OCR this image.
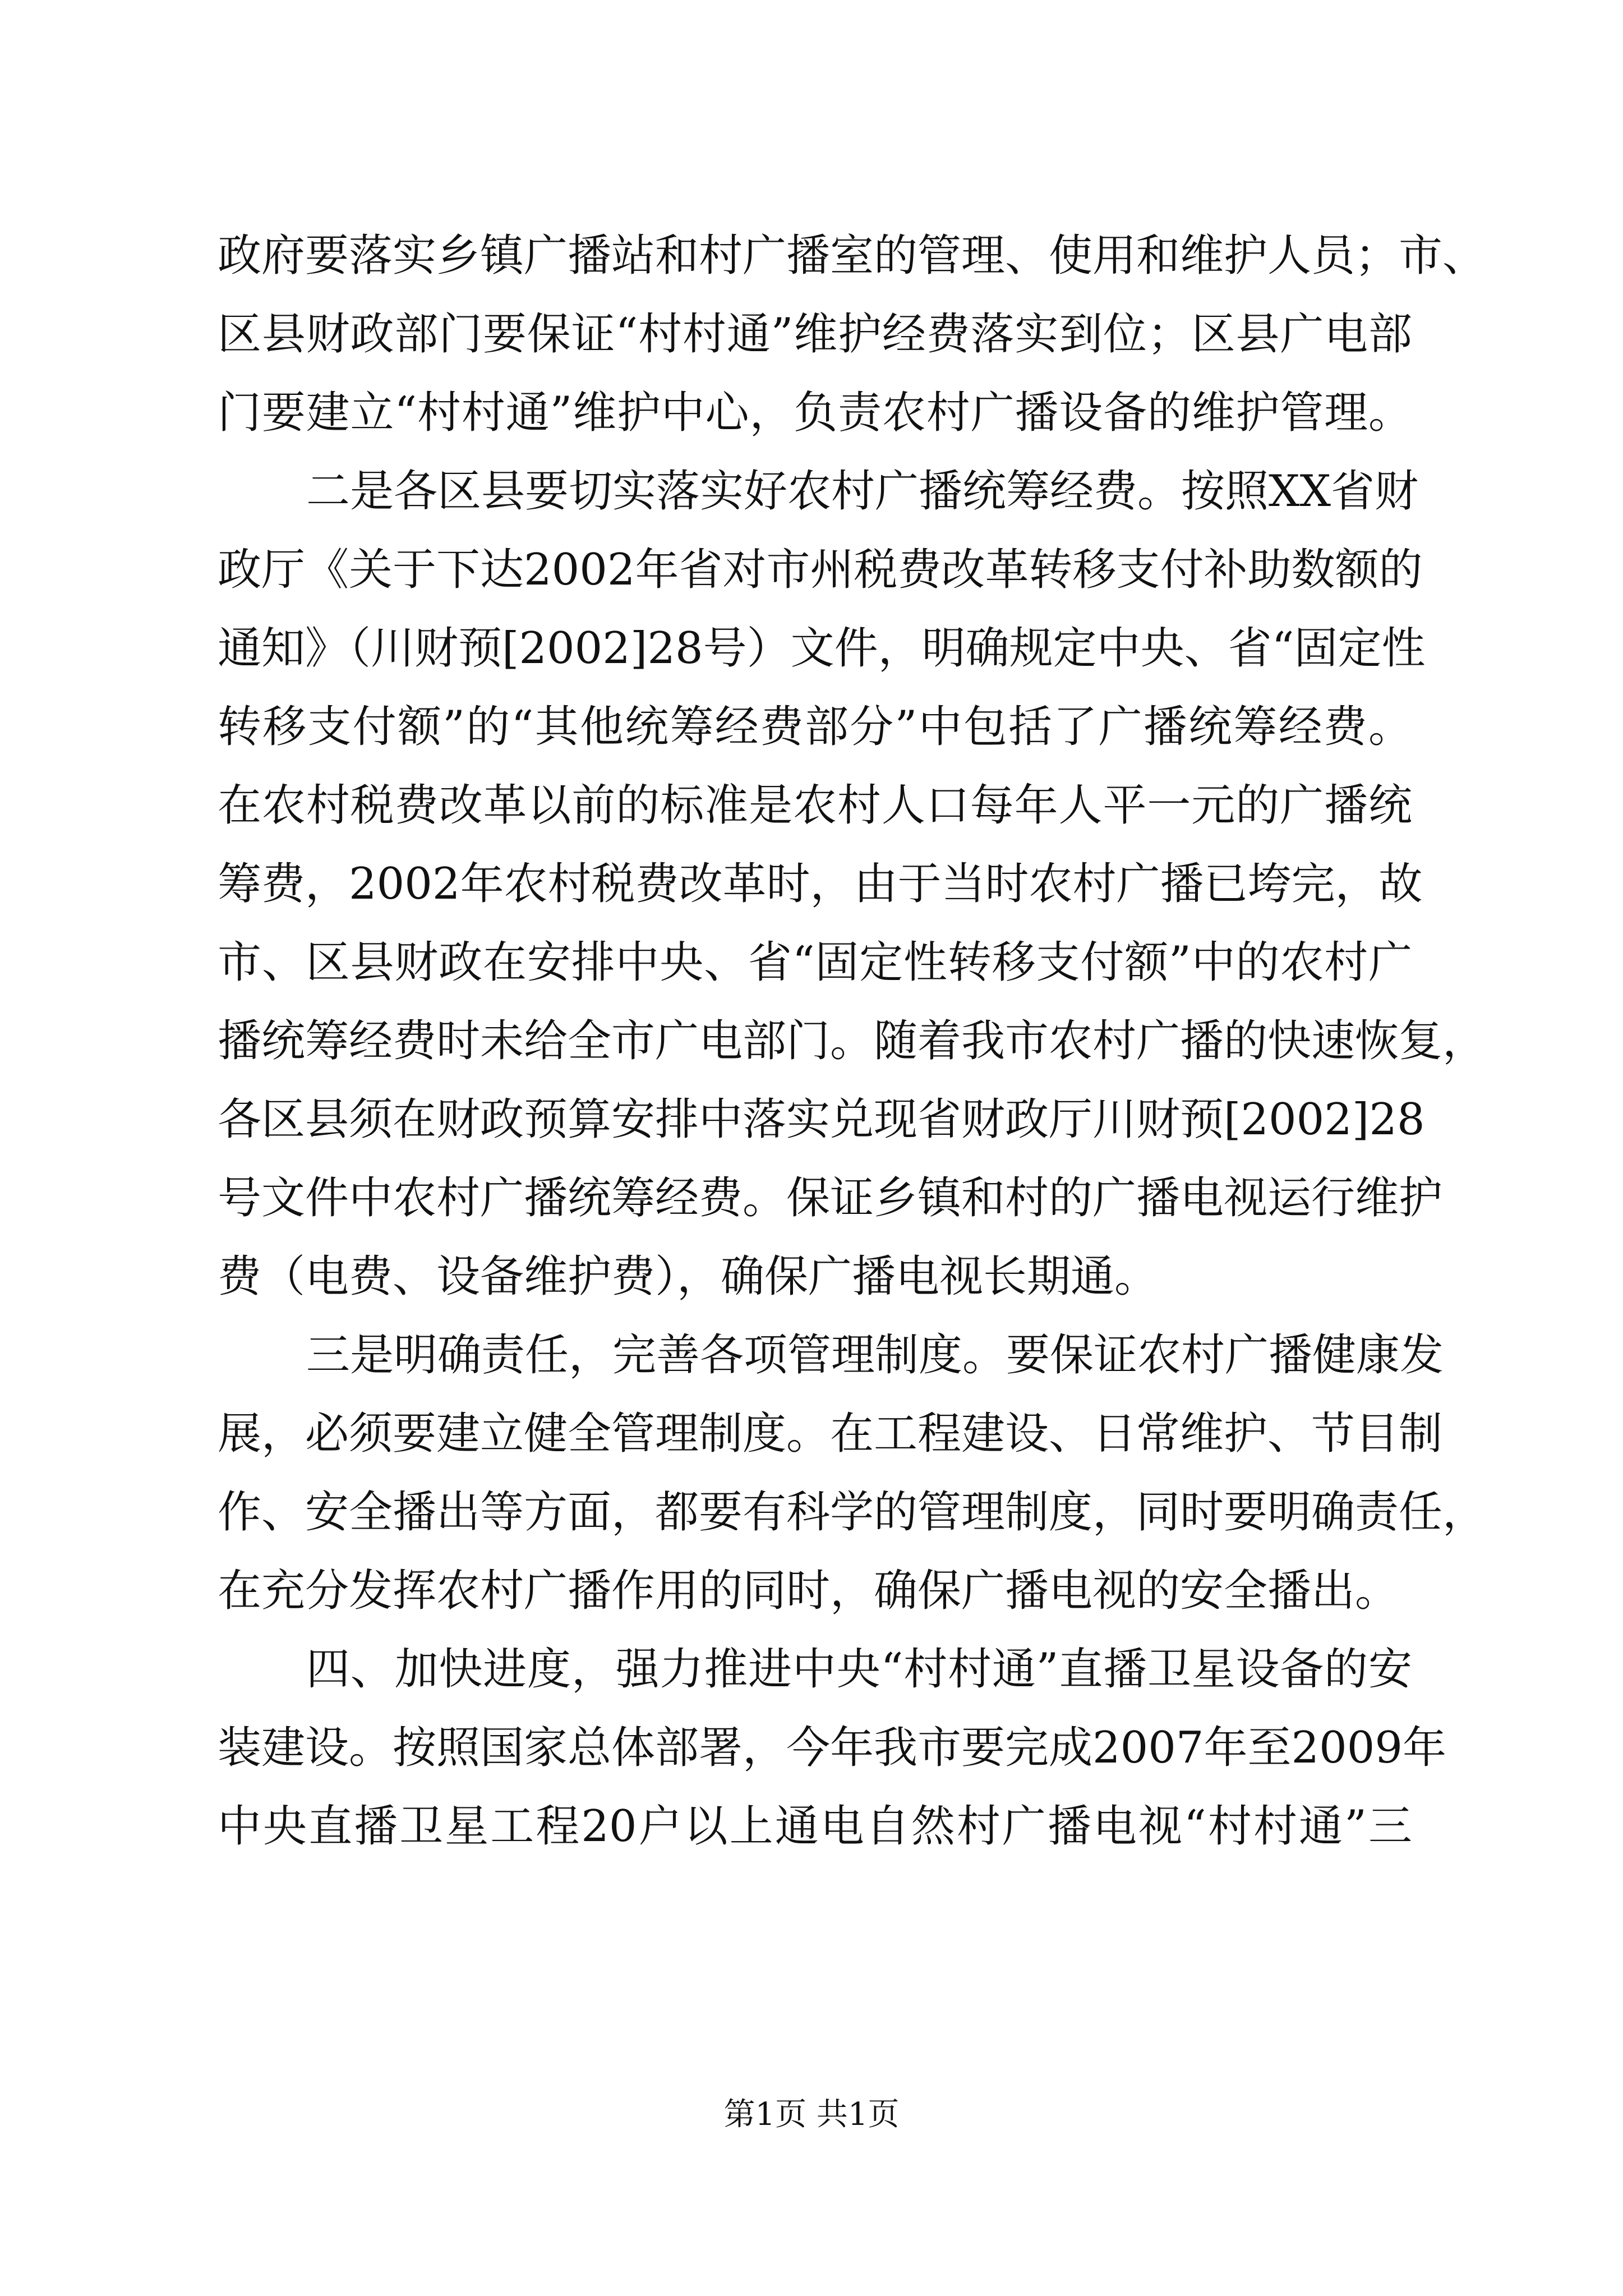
政府要落实乡镇广播站和村广播室的管理、使用和维护人员；市、
区县财政部门要保证“村村通”维护经费落实到位；区县广电部
门要建立“村村通”维护中心，负责农村广播设备的维护管理。
二是各区县要切实落实好农村广播统筹经费。按照XX省财
政厅《关于下达2002年省对市州税费改革转移支付补助数额的
通知》（川财预[2002]28号）文件，明确规定中央、省“固定性
转移支付额”的“其他统筹经费部分”中包括了广播统筹经费。
在农村税费改革以前的标准是农村人口每年人平一元的广播统
筹费，2002年农村税费改革时，由于当时农村广播已垮完，故
市、区县财政在安排中央、省“固定性转移支付额”中的农村广
播统筹经费时未给全市广电部门。随着我市农村广播的快速恢复，
各区县须在财政预算安排中落实兑现省财政厅川财预[2002]28
号文件中农村广播统筹经费。保证乡镇和村的广播电视运行维护
费（电费、设备维护费），确保广播电视长期通。
三是明确责任，完善各项管理制度。要保证农村广播健康发
展，必须要建立健全管理制度。在工程建设、日常维护、节目制
作、安全播出等方面，都要有科学的管理制度，同时要明确责任，
在充分发挥农村广播作用的同时，确保广播电视的安全播出。
四、加快进度，强力推进中央“村村通”直播卫星设备的安
装建设。按照国家总体部署，今年我市要完成2007年至2009年
中央直播卫星工程20户以上通电自然村广播电视“村村通”三
第1页 共1页
